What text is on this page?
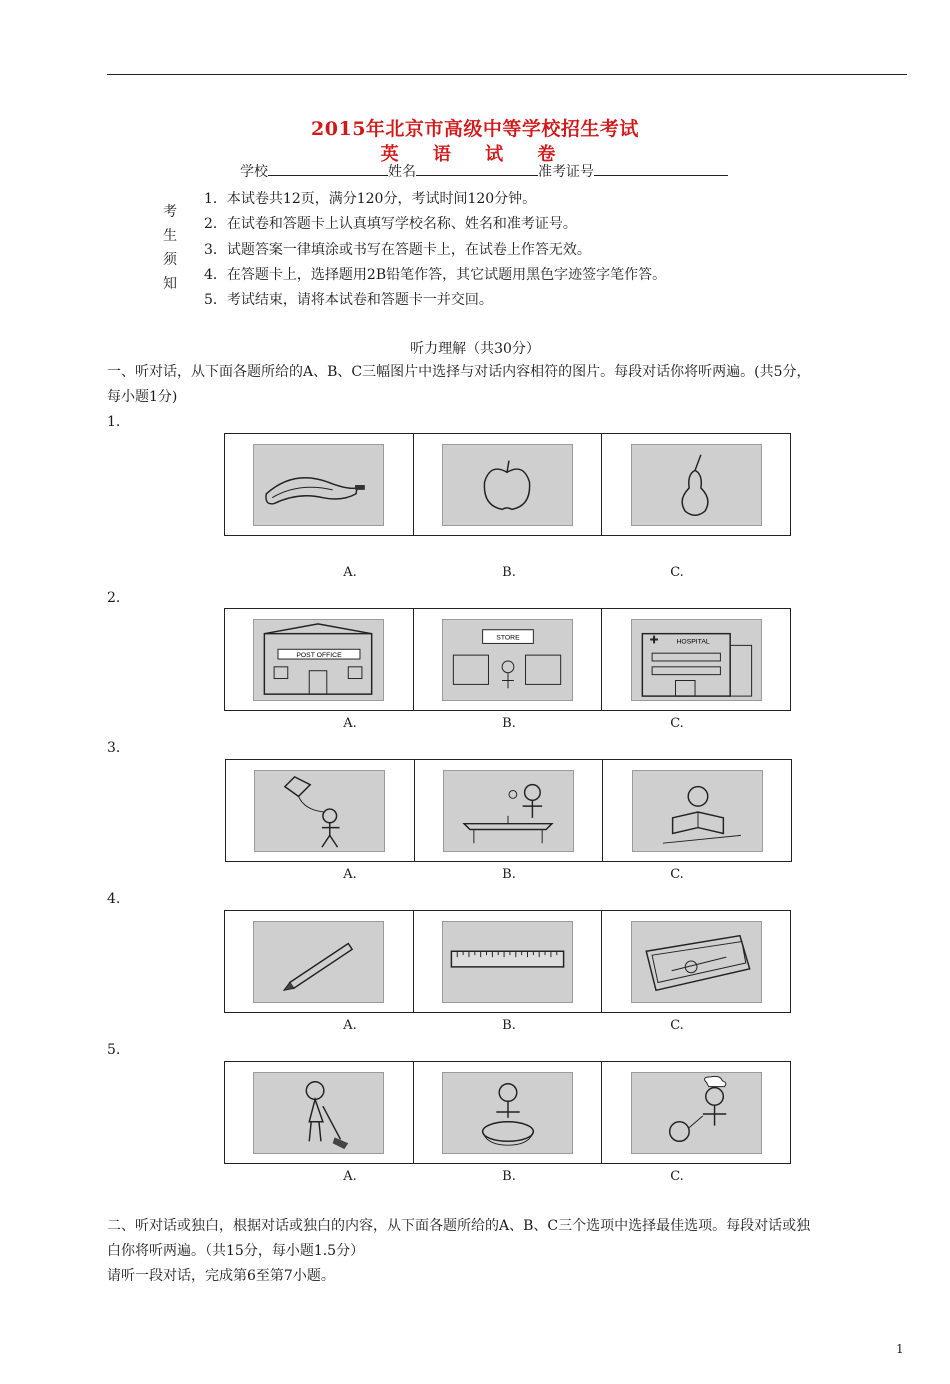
2015年北京市高级中等学校招生考试
英 语 试 卷
学校	姓名	准考证号
考
生
须
知
1．本试卷共12页，满分120分，考试时间120分钟。
2．在试卷和答题卡上认真填写学校名称、姓名和准考证号。
3．试题答案一律填涂或书写在答题卡上，在试卷上作答无效。
4．在答题卡上，选择题用2B铅笔作答，其它试题用黑色字迹签字笔作答。
5．考试结束，请将本试卷和答题卡一并交回。
听力理解（共30分）
一、听对话，从下面各题所给的A、B、C三幅图片中选择与对话内容相符的图片。每段对话你将听两遍。(共5分，
每小题1分)
1.
A.	B.	C.
2.
POST OFFICE
STORE
HOSPITAL
A.	B.	C.
3.
A.	B.	C.
4.
A.	B.	C.
5.
A.	B.	C.
二、听对话或独白，根据对话或独白的内容，从下面各题所给的A、B、C三个选项中选择最佳选项。每段对话或独
白你将听两遍。（共15分，每小题1.5分）
请听一段对话，完成第6至第7小题。
1
